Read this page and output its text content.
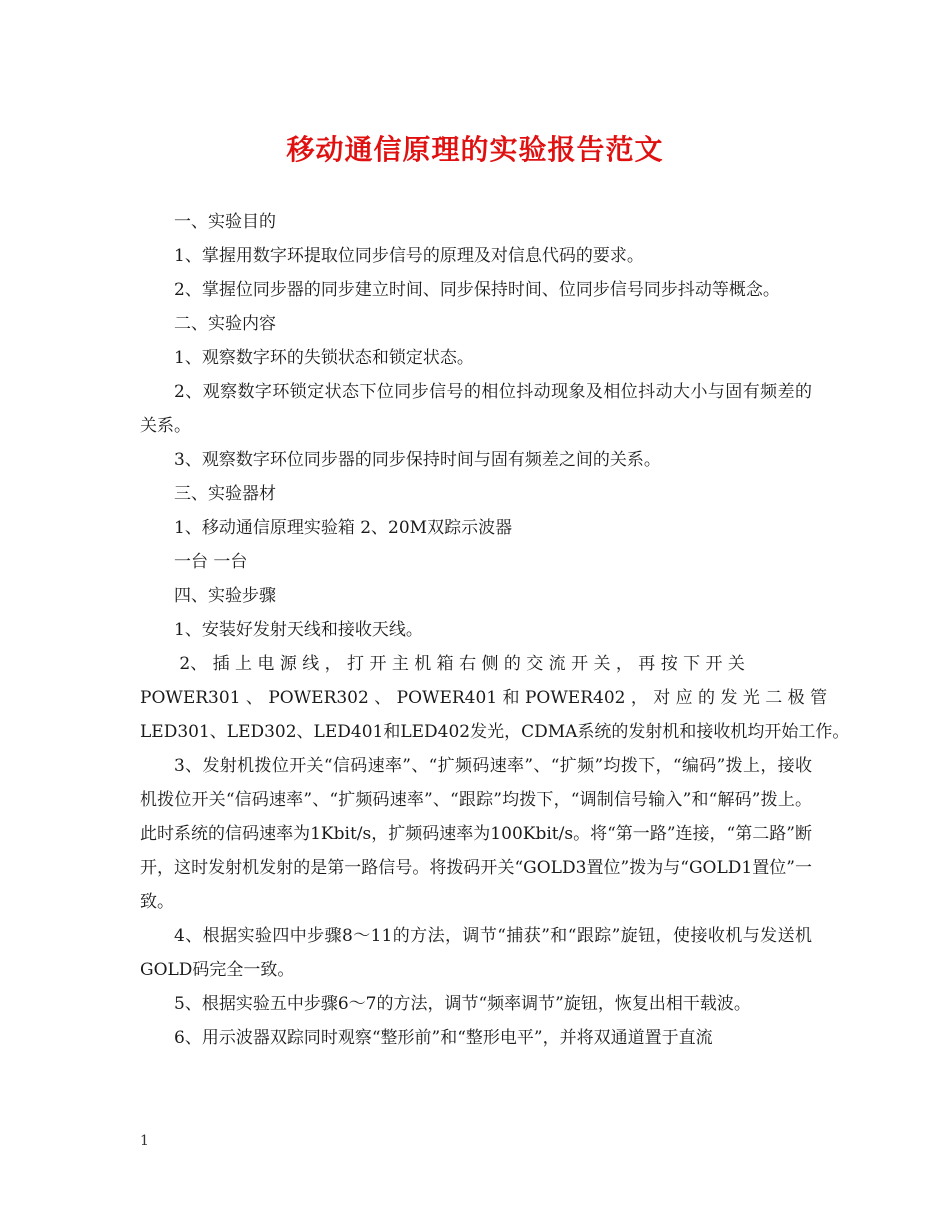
移动通信原理的实验报告范文

一、实验目的

1、掌握用数字环提取位同步信号的原理及对信息代码的要求。

2、掌握位同步器的同步建立时间、同步保持时间、位同步信号同步抖动等概念。

二、实验内容

1、观察数字环的失锁状态和锁定状态。

2、观察数字环锁定状态下位同步信号的相位抖动现象及相位抖动大小与固有频差的关系。

3、观察数字环位同步器的同步保持时间与固有频差之间的关系。

三、实验器材

1、移动通信原理实验箱 2、20M双踪示波器

一台 一台

四、实验步骤

1、安装好发射天线和接收天线。

2、 插 上 电 源 线 ， 打 开 主 机 箱 右 侧 的 交 流 开 关 ， 再 按 下 开 关

POWER301 、 POWER302 、 POWER401 和 POWER402 ， 对 应 的 发 光 二 极 管

LED301、LED302、LED401和LED402发光，CDMA系统的发射机和接收机均开始工作。

3、发射机拨位开关“信码速率”、“扩频码速率”、“扩频”均拨下，“编码”拨上，接收机拨位开关“信码速率”、“扩频码速率”、“跟踪”均拨下，“调制信号输入”和“解码”拨上。此时系统的信码速率为1Kbit/s，扩频码速率为100Kbit/s。将“第一路”连接，“第二路”断开，这时发射机发射的是第一路信号。将拨码开关“GOLD3置位”拨为与“GOLD1置位”一致。

4、根据实验四中步骤8～11的方法，调节“捕获”和“跟踪”旋钮，使接收机与发送机GOLD码完全一致。

5、根据实验五中步骤6～7的方法，调节“频率调节”旋钮，恢复出相干载波。

6、用示波器双踪同时观察“整形前”和“整形电平”，并将双通道置于直流

1
